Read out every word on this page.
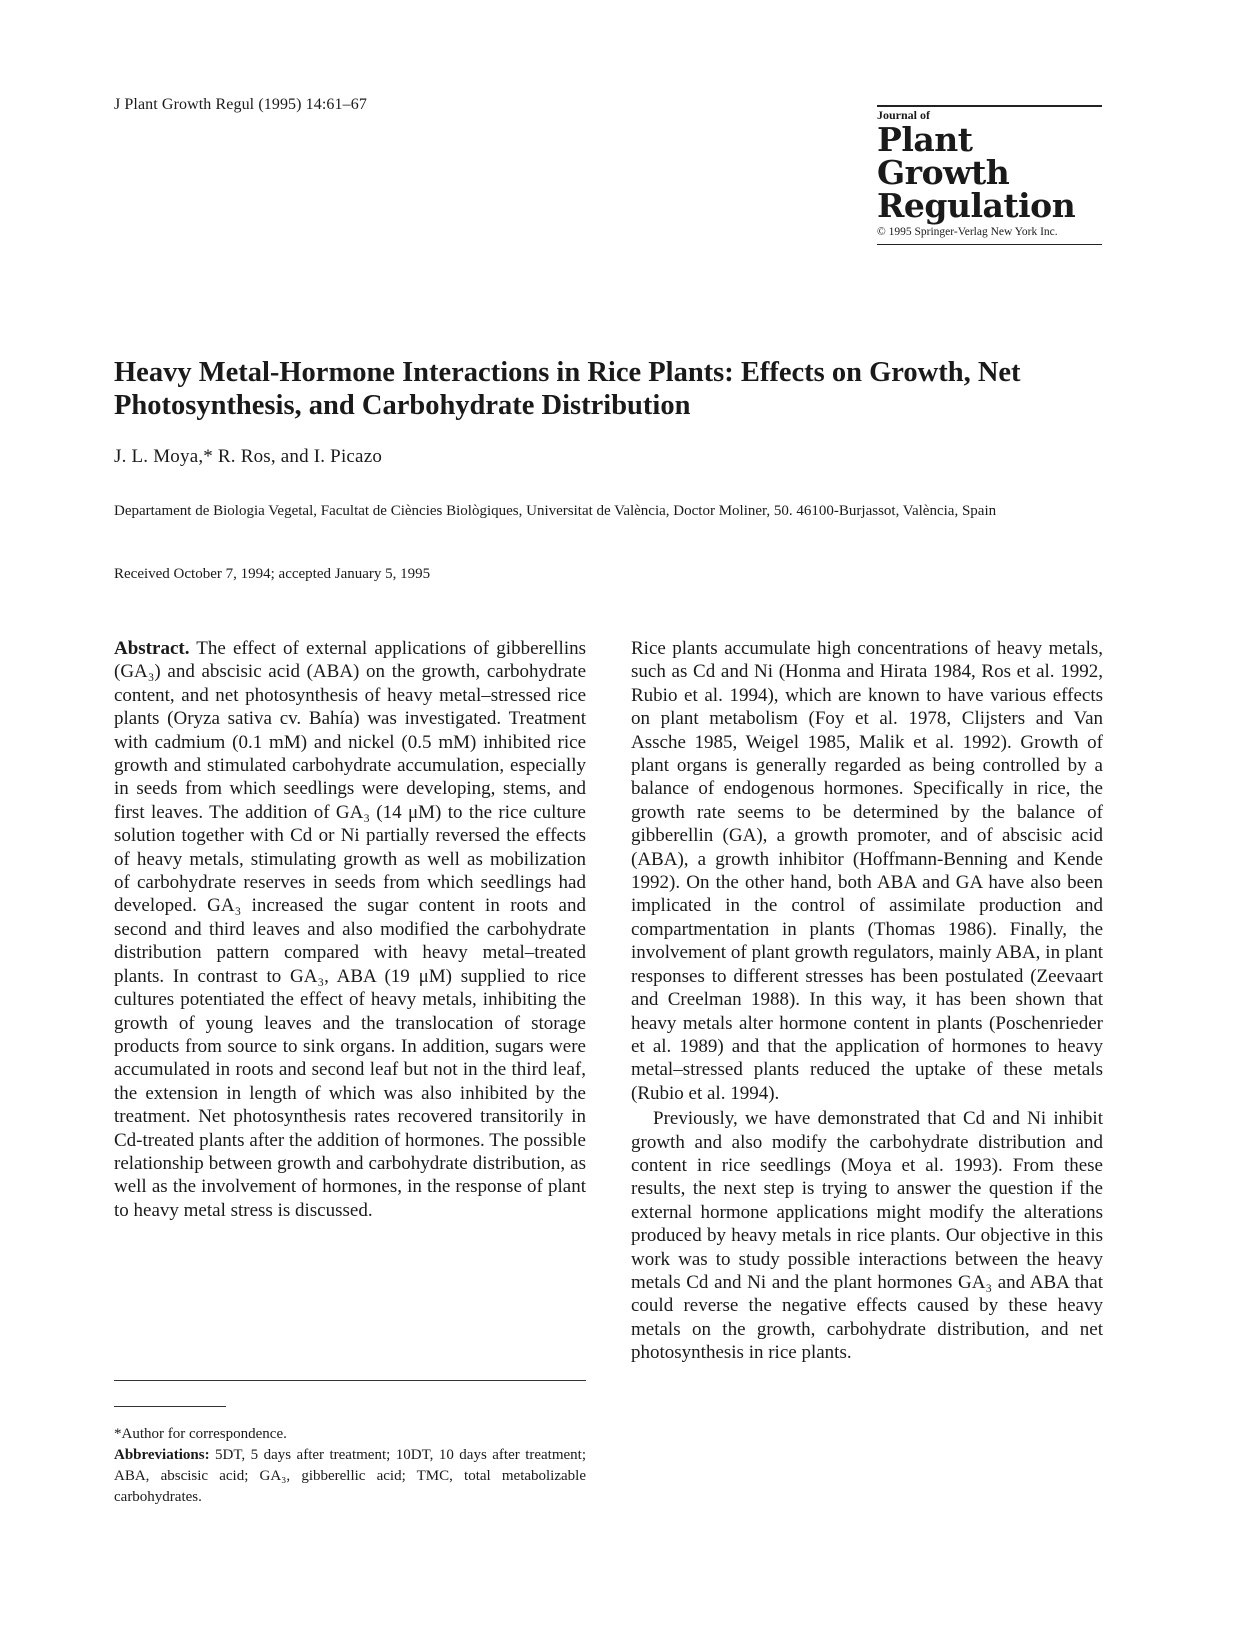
J Plant Growth Regul (1995) 14:61–67
Journal of
Plant
Growth
Regulation
© 1995 Springer-Verlag New York Inc.
Heavy Metal-Hormone Interactions in Rice Plants: Effects on Growth, Net Photosynthesis, and Carbohydrate Distribution
J. L. Moya,* R. Ros, and I. Picazo
Departament de Biologia Vegetal, Facultat de Ciències Biològiques, Universitat de València, Doctor Moliner, 50. 46100-Burjassot, València, Spain
Received October 7, 1994; accepted January 5, 1995

Abstract. The effect of external applications of gibberellins (GA₃) and abscisic acid (ABA) on the growth, carbohydrate content, and net photosynthesis of heavy metal–stressed rice plants (Oryza sativa cv. Bahía) was investigated. Treatment with cadmium (0.1 mM) and nickel (0.5 mM) inhibited rice growth and stimulated carbohydrate accumulation, especially in seeds from which seedlings were developing, stems, and first leaves. The addition of GA₃ (14 μM) to the rice culture solution together with Cd or Ni partially reversed the effects of heavy metals, stimulating growth as well as mobilization of carbohydrate reserves in seeds from which seedlings had developed. GA₃ increased the sugar content in roots and second and third leaves and also modified the carbohydrate distribution pattern compared with heavy metal–treated plants. In contrast to GA₃, ABA (19 μM) supplied to rice cultures potentiated the effect of heavy metals, inhibiting the growth of young leaves and the translocation of storage products from source to sink organs. In addition, sugars were accumulated in roots and second leaf but not in the third leaf, the extension in length of which was also inhibited by the treatment. Net photosynthesis rates recovered transitorily in Cd-treated plants after the addition of hormones. The possible relationship between growth and carbohydrate distribution, as well as the involvement of hormones, in the response of plant to heavy metal stress is discussed.

*Author for correspondence.

Abbreviations: 5DT, 5 days after treatment; 10DT, 10 days after treatment; ABA, abscisic acid; GA₃, gibberellic acid; TMC, total metabolizable carbohydrates.

Rice plants accumulate high concentrations of heavy metals, such as Cd and Ni (Honma and Hirata 1984, Ros et al. 1992, Rubio et al. 1994), which are known to have various effects on plant metabolism (Foy et al. 1978, Clijsters and Van Assche 1985, Weigel 1985, Malik et al. 1992). Growth of plant organs is generally regarded as being controlled by a balance of endogenous hormones. Specifically in rice, the growth rate seems to be determined by the balance of gibberellin (GA), a growth promoter, and of abscisic acid (ABA), a growth inhibitor (Hoffmann-Benning and Kende 1992). On the other hand, both ABA and GA have also been implicated in the control of assimilate production and compartmentation in plants (Thomas 1986). Finally, the involvement of plant growth regulators, mainly ABA, in plant responses to different stresses has been postulated (Zeevaart and Creelman 1988). In this way, it has been shown that heavy metals alter hormone content in plants (Poschenrieder et al. 1989) and that the application of hormones to heavy metal–stressed plants reduced the uptake of these metals (Rubio et al. 1994).

Previously, we have demonstrated that Cd and Ni inhibit growth and also modify the carbohydrate distribution and content in rice seedlings (Moya et al. 1993). From these results, the next step is trying to answer the question if the external hormone applications might modify the alterations produced by heavy metals in rice plants. Our objective in this work was to study possible interactions between the heavy metals Cd and Ni and the plant hormones GA₃ and ABA that could reverse the negative effects caused by these heavy metals on the growth, carbohydrate distribution, and net photosynthesis in rice plants.
